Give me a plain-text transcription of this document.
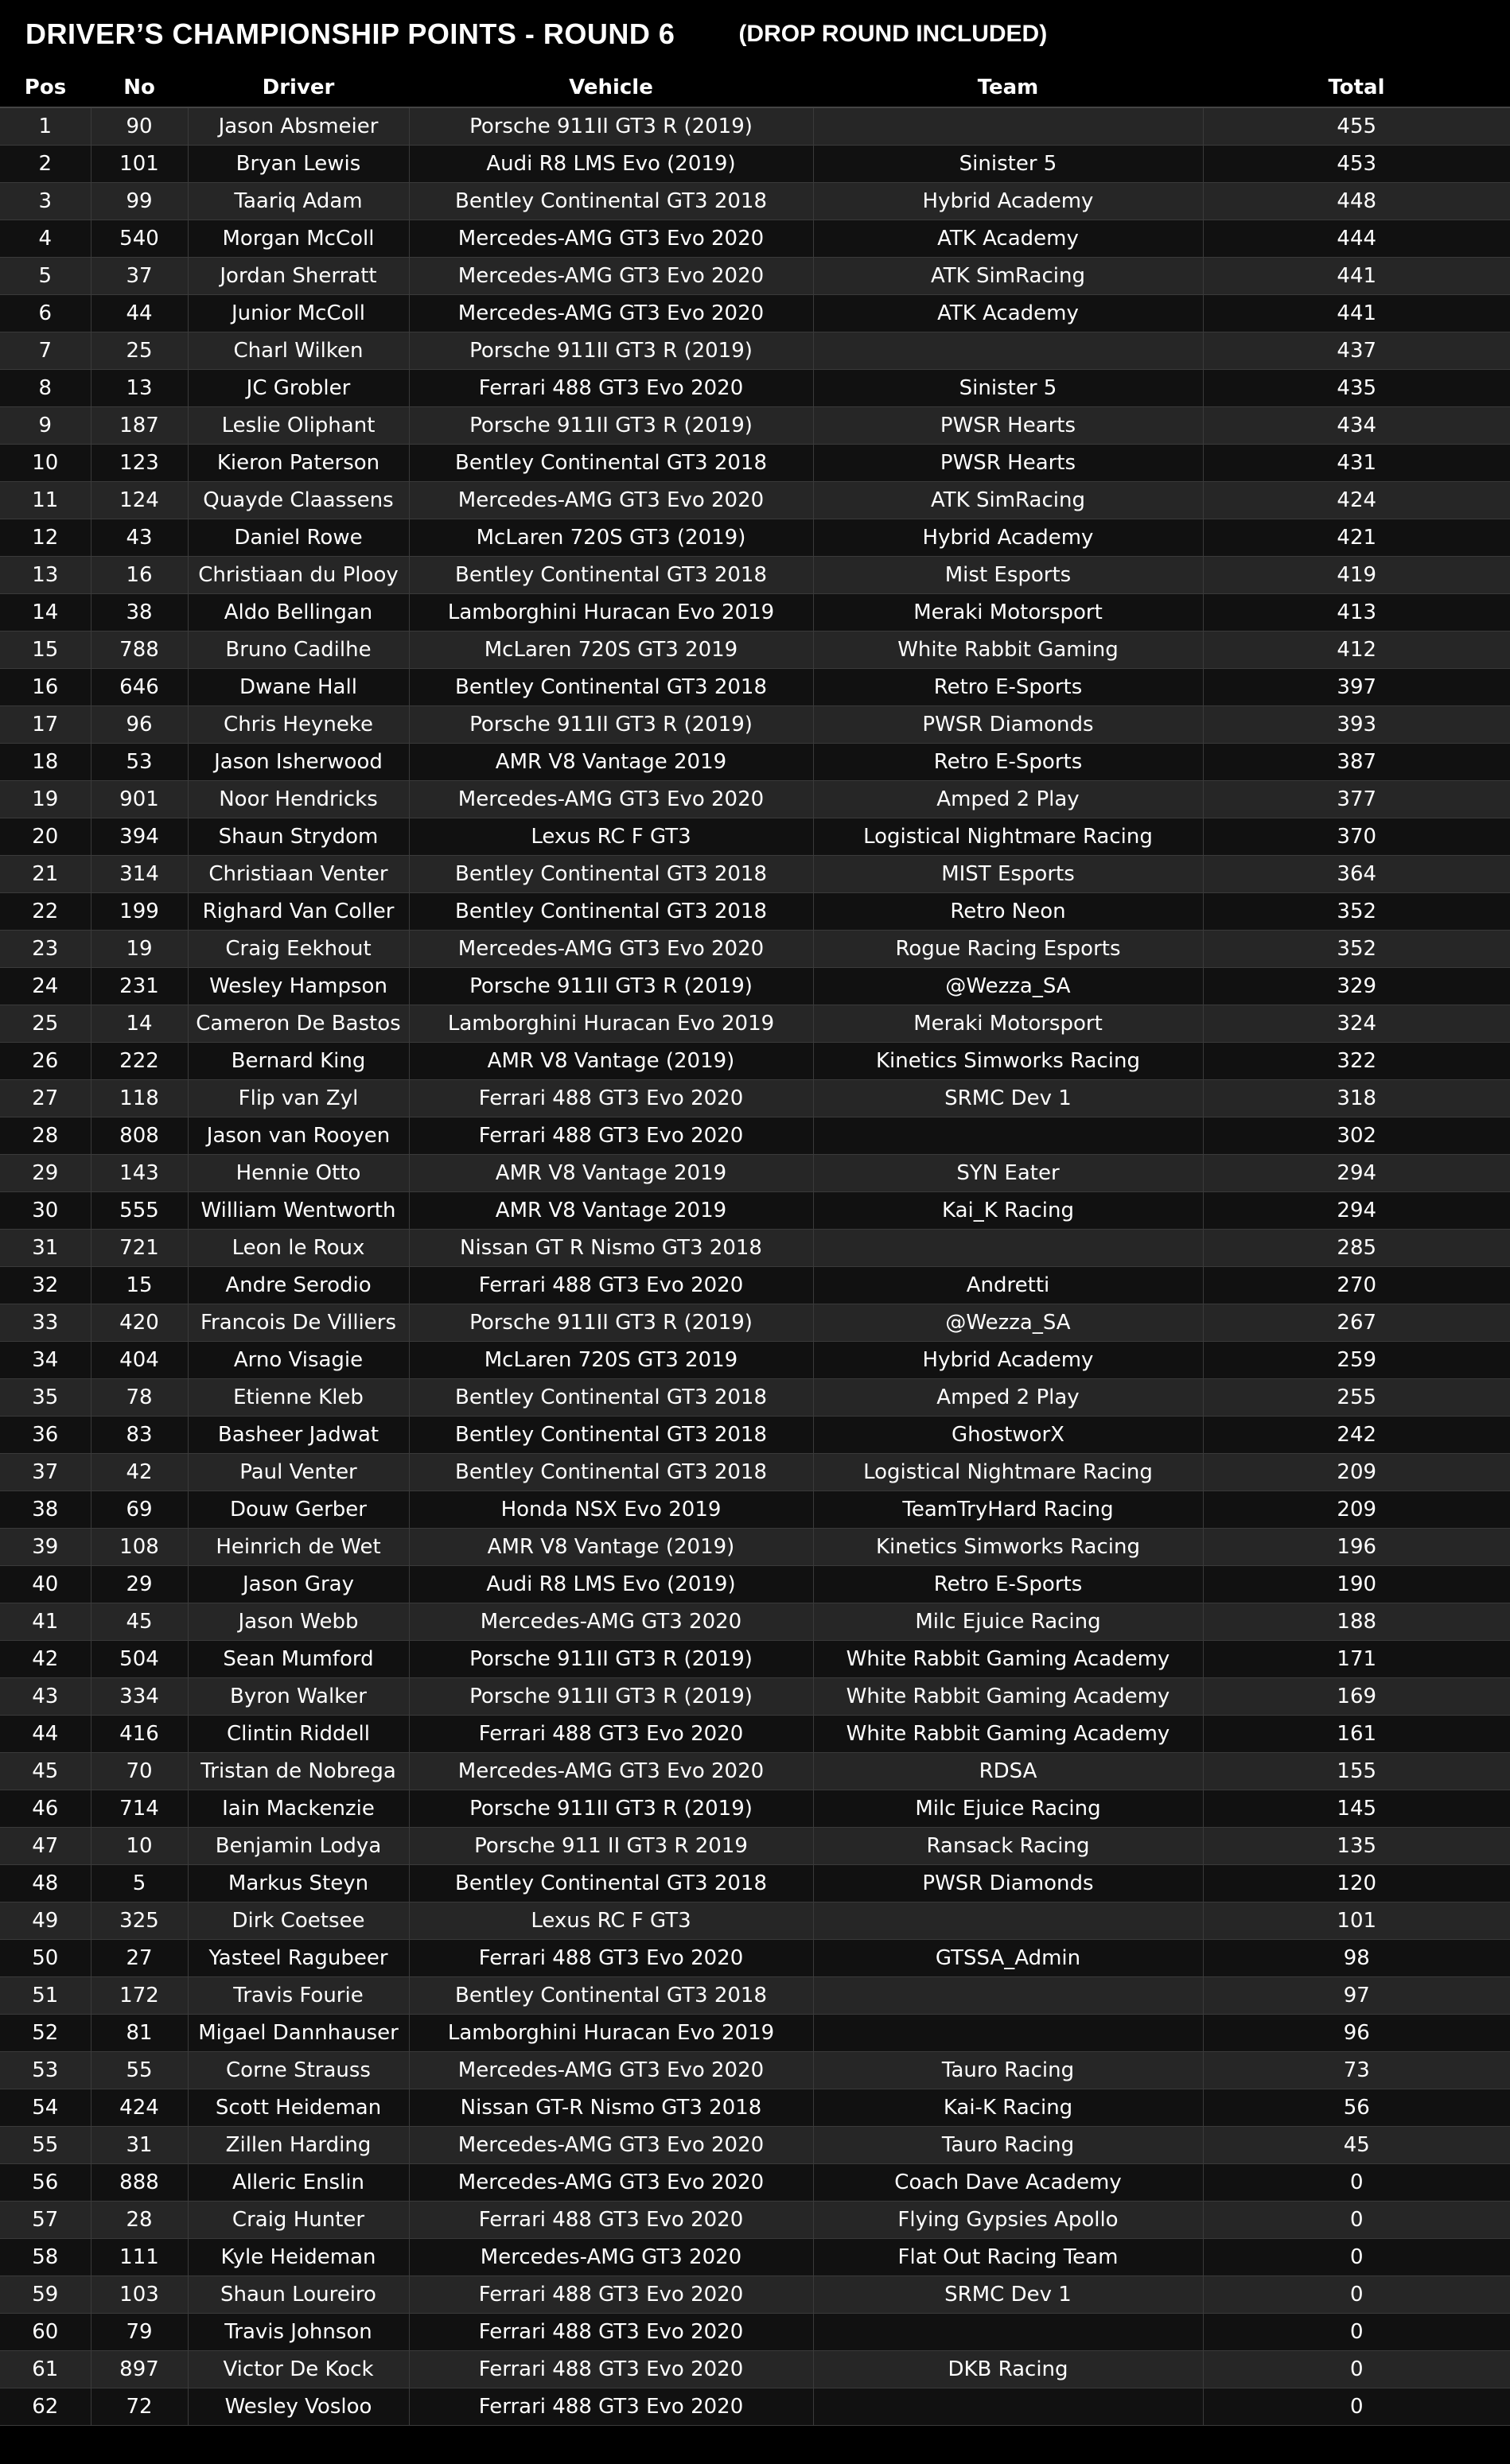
DRIVER’S CHAMPIONSHIP POINTS - ROUND 6	(DROP ROUND INCLUDED)
Pos	No	Driver	Vehicle	Team	Total
1	90	Jason Absmeier	Porsche 911II GT3 R (2019)		455
2	101	Bryan Lewis	Audi R8 LMS Evo (2019)	Sinister 5	453
3	99	Taariq Adam	Bentley Continental GT3 2018	Hybrid Academy	448
4	540	Morgan McColl	Mercedes-AMG GT3 Evo 2020	ATK Academy	444
5	37	Jordan Sherratt	Mercedes-AMG GT3 Evo 2020	ATK SimRacing	441
6	44	Junior McColl	Mercedes-AMG GT3 Evo 2020	ATK Academy	441
7	25	Charl Wilken	Porsche 911II GT3 R (2019)		437
8	13	JC Grobler	Ferrari 488 GT3 Evo 2020	Sinister 5	435
9	187	Leslie Oliphant	Porsche 911II GT3 R (2019)	PWSR Hearts	434
10	123	Kieron Paterson	Bentley Continental GT3 2018	PWSR Hearts	431
11	124	Quayde Claassens	Mercedes-AMG GT3 Evo 2020	ATK SimRacing	424
12	43	Daniel Rowe	McLaren 720S GT3 (2019)	Hybrid Academy	421
13	16	Christiaan du Plooy	Bentley Continental GT3 2018	Mist Esports	419
14	38	Aldo Bellingan	Lamborghini Huracan Evo 2019	Meraki Motorsport	413
15	788	Bruno Cadilhe	McLaren 720S GT3 2019	White Rabbit Gaming	412
16	646	Dwane Hall	Bentley Continental GT3 2018	Retro E-Sports	397
17	96	Chris Heyneke	Porsche 911II GT3 R (2019)	PWSR Diamonds	393
18	53	Jason Isherwood	AMR V8 Vantage 2019	Retro E-Sports	387
19	901	Noor Hendricks	Mercedes-AMG GT3 Evo 2020	Amped 2 Play	377
20	394	Shaun Strydom	Lexus RC F GT3	Logistical Nightmare Racing	370
21	314	Christiaan Venter	Bentley Continental GT3 2018	MIST Esports	364
22	199	Righard Van Coller	Bentley Continental GT3 2018	Retro Neon	352
23	19	Craig Eekhout	Mercedes-AMG GT3 Evo 2020	Rogue Racing Esports	352
24	231	Wesley Hampson	Porsche 911II GT3 R (2019)	@Wezza_SA	329
25	14	Cameron De Bastos	Lamborghini Huracan Evo 2019	Meraki Motorsport	324
26	222	Bernard King	AMR V8 Vantage (2019)	Kinetics Simworks Racing	322
27	118	Flip van Zyl	Ferrari 488 GT3 Evo 2020	SRMC Dev 1	318
28	808	Jason van Rooyen	Ferrari 488 GT3 Evo 2020		302
29	143	Hennie Otto	AMR V8 Vantage 2019	SYN Eater	294
30	555	William Wentworth	AMR V8 Vantage 2019	Kai_K Racing	294
31	721	Leon le Roux	Nissan GT R Nismo GT3 2018		285
32	15	Andre Serodio	Ferrari 488 GT3 Evo 2020	Andretti	270
33	420	Francois De Villiers	Porsche 911II GT3 R (2019)	@Wezza_SA	267
34	404	Arno Visagie	McLaren 720S GT3 2019	Hybrid Academy	259
35	78	Etienne Kleb	Bentley Continental GT3 2018	Amped 2 Play	255
36	83	Basheer Jadwat	Bentley Continental GT3 2018	GhostworX	242
37	42	Paul Venter	Bentley Continental GT3 2018	Logistical Nightmare Racing	209
38	69	Douw Gerber	Honda NSX Evo 2019	TeamTryHard Racing	209
39	108	Heinrich de Wet	AMR V8 Vantage (2019)	Kinetics Simworks Racing	196
40	29	Jason Gray	Audi R8 LMS Evo (2019)	Retro E-Sports	190
41	45	Jason Webb	Mercedes-AMG GT3 2020	Milc Ejuice Racing	188
42	504	Sean Mumford	Porsche 911II GT3 R (2019)	White Rabbit Gaming Academy	171
43	334	Byron Walker	Porsche 911II GT3 R (2019)	White Rabbit Gaming Academy	169
44	416	Clintin Riddell	Ferrari 488 GT3 Evo 2020	White Rabbit Gaming Academy	161
45	70	Tristan de Nobrega	Mercedes-AMG GT3 Evo 2020	RDSA	155
46	714	Iain Mackenzie	Porsche 911II GT3 R (2019)	Milc Ejuice Racing	145
47	10	Benjamin Lodya	Porsche 911 II GT3 R 2019	Ransack Racing	135
48	5	Markus Steyn	Bentley Continental GT3 2018	PWSR Diamonds	120
49	325	Dirk Coetsee	Lexus RC F GT3		101
50	27	Yasteel Ragubeer	Ferrari 488 GT3 Evo 2020	GTSSA_Admin	98
51	172	Travis Fourie	Bentley Continental GT3 2018		97
52	81	Migael Dannhauser	Lamborghini Huracan Evo 2019		96
53	55	Corne Strauss	Mercedes-AMG GT3 Evo 2020	Tauro Racing	73
54	424	Scott Heideman	Nissan GT-R Nismo GT3 2018	Kai-K Racing	56
55	31	Zillen Harding	Mercedes-AMG GT3 Evo 2020	Tauro Racing	45
56	888	Alleric Enslin	Mercedes-AMG GT3 Evo 2020	Coach Dave Academy	0
57	28	Craig Hunter	Ferrari 488 GT3 Evo 2020	Flying Gypsies Apollo	0
58	111	Kyle Heideman	Mercedes-AMG GT3 2020	Flat Out Racing Team	0
59	103	Shaun Loureiro	Ferrari 488 GT3 Evo 2020	SRMC Dev 1	0
60	79	Travis Johnson	Ferrari 488 GT3 Evo 2020		0
61	897	Victor De Kock	Ferrari 488 GT3 Evo 2020	DKB Racing	0
62	72	Wesley Vosloo	Ferrari 488 GT3 Evo 2020		0
